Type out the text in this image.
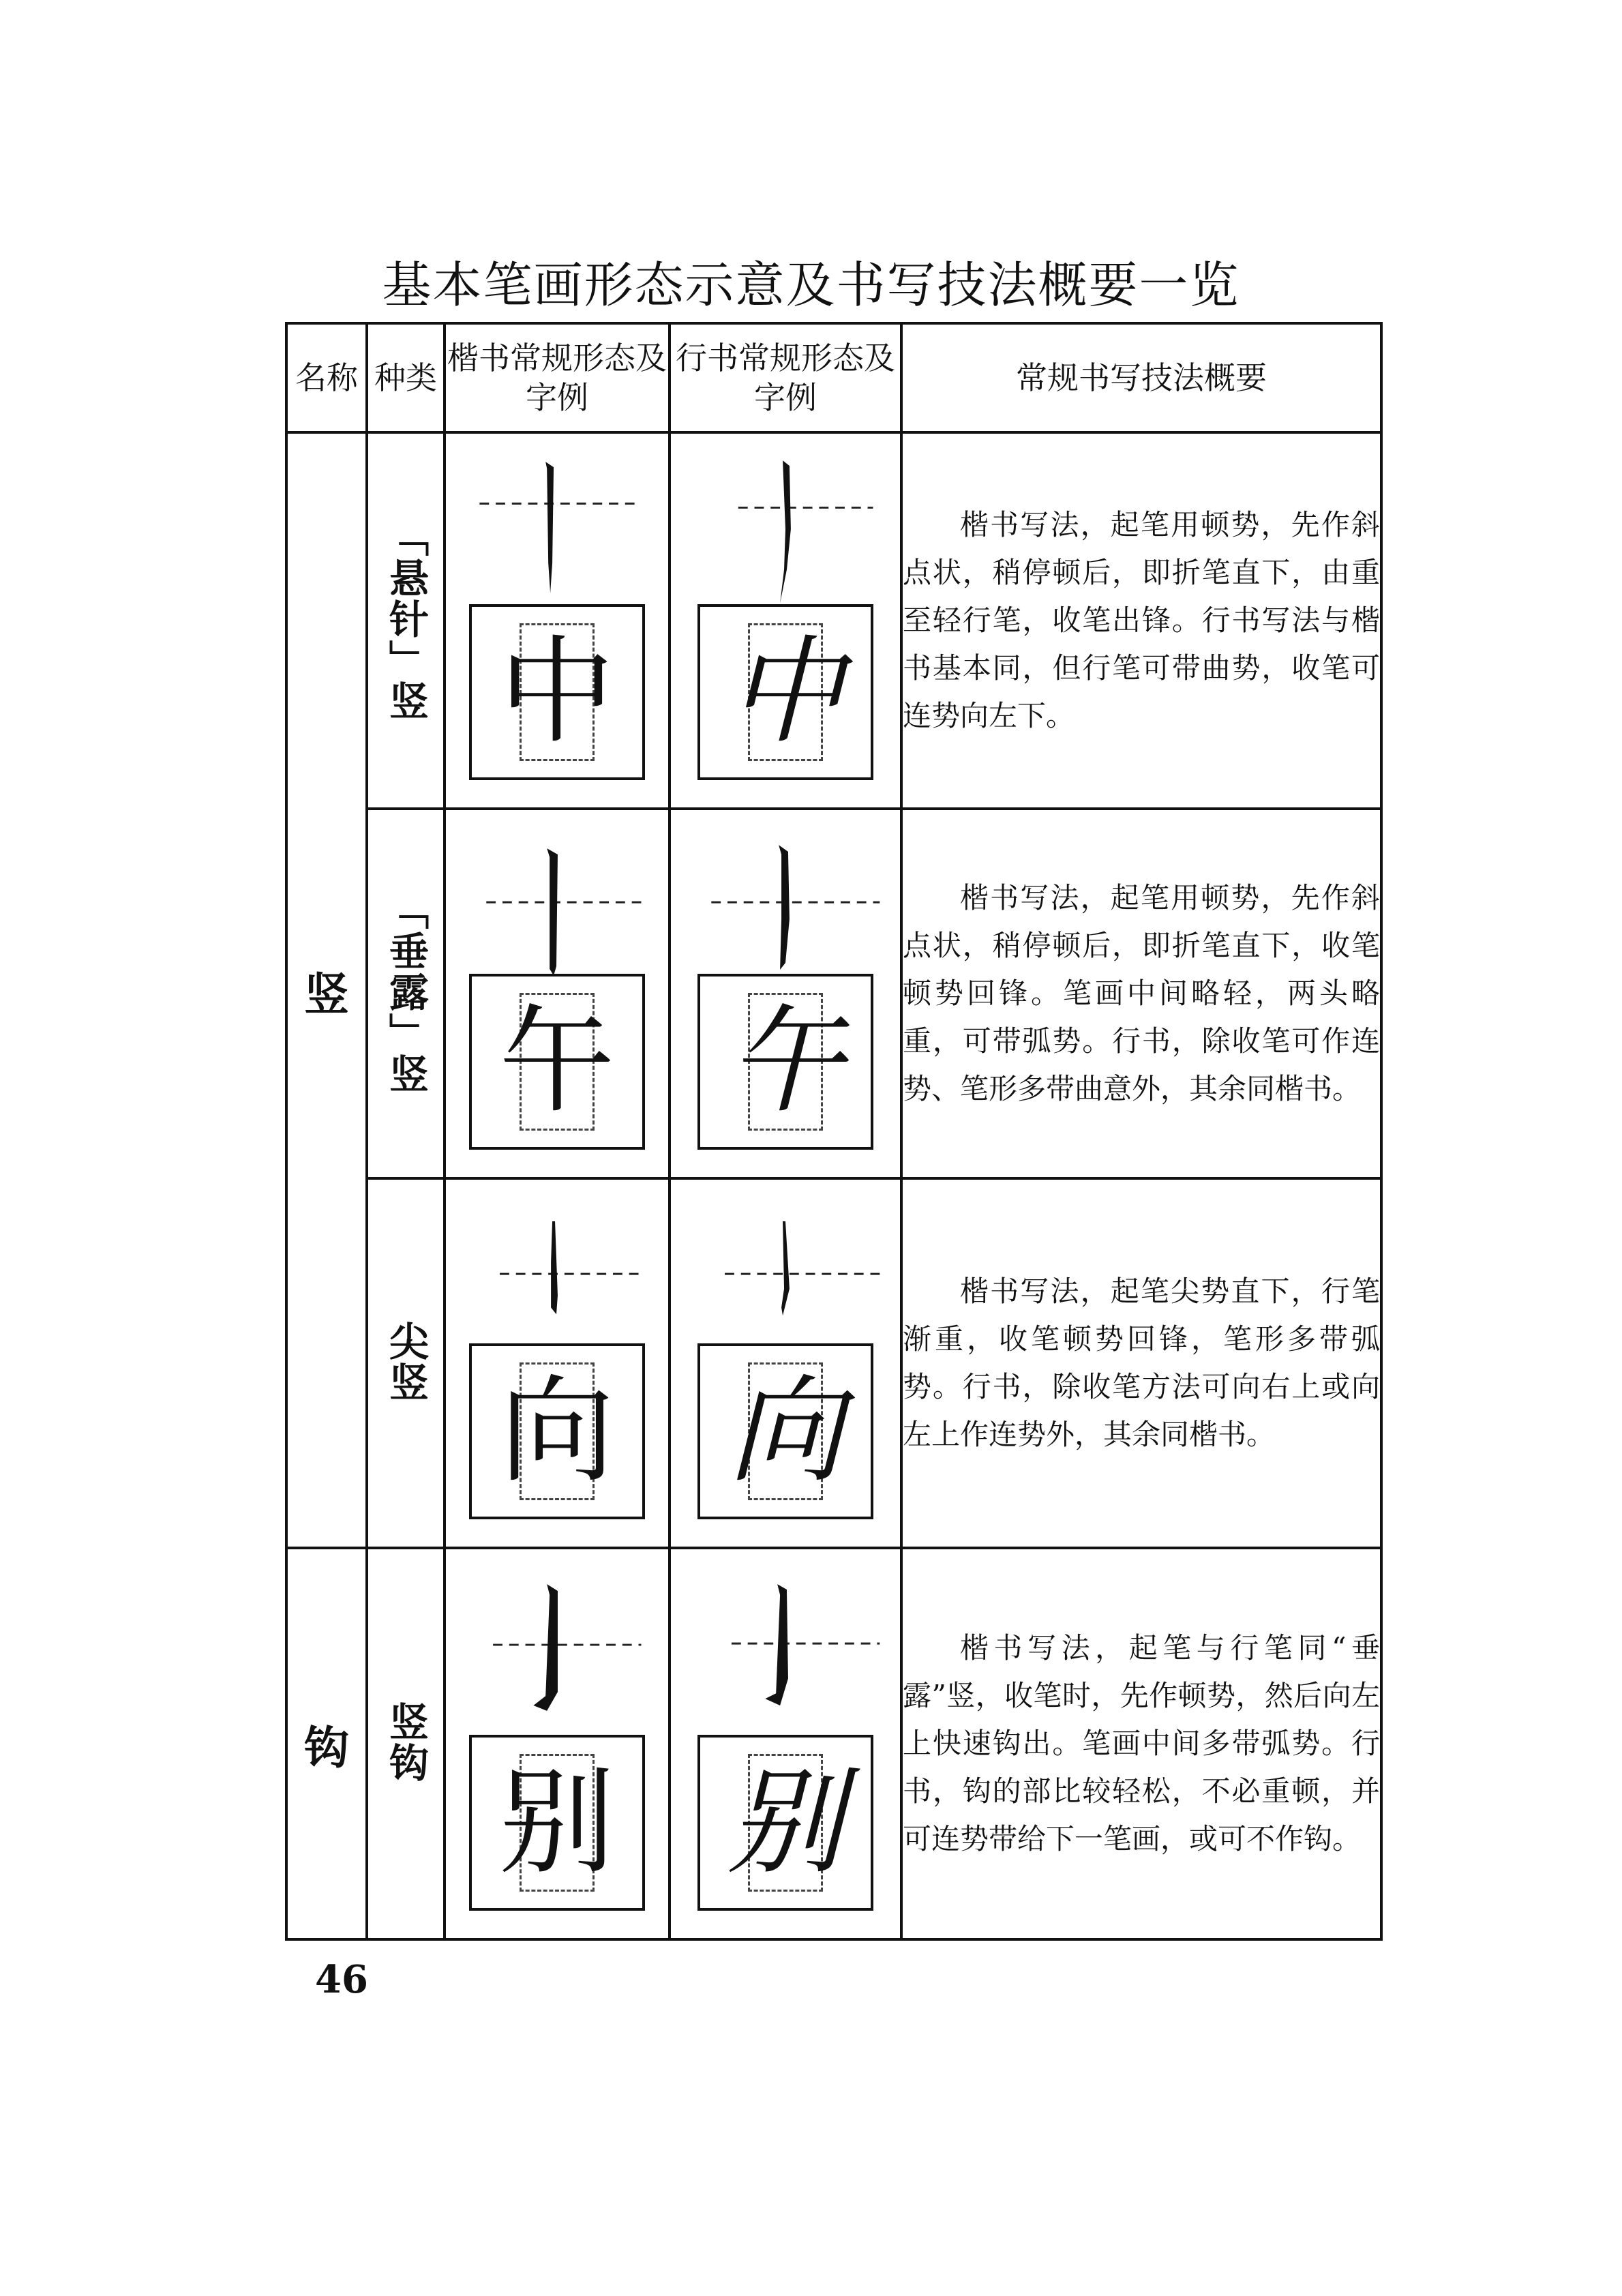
基本笔画形态示意及书写技法概要一览
名称	种类	楷书常规形态及字例	行书常规形态及字例	常规书写技法概要
竖	「悬针」竖	中	中	楷书写法，起笔用顿势，先作斜点状，稍停顿后，即折笔直下，由重至轻行笔，收笔出锋。行书写法与楷书基本同，但行笔可带曲势，收笔可连势向左下。
	「垂露」竖	午	午	楷书写法，起笔用顿势，先作斜点状，稍停顿后，即折笔直下，收笔顿势回锋。笔画中间略轻，两头略重，可带弧势。行书，除收笔可作连势、笔形多带曲意外，其余同楷书。
	尖竖	向	向	楷书写法，起笔尖势直下，行笔渐重，收笔顿势回锋，笔形多带弧势。行书，除收笔方法可向右上或向左上作连势外，其余同楷书。
钩	竖钩	别	别	楷书写法，起笔与行笔同“垂露”竖，收笔时，先作顿势，然后向左上快速钩出。笔画中间多带弧势。行书，钩的部比较轻松，不必重顿，并可连势带给下一笔画，或可不作钩。
46
